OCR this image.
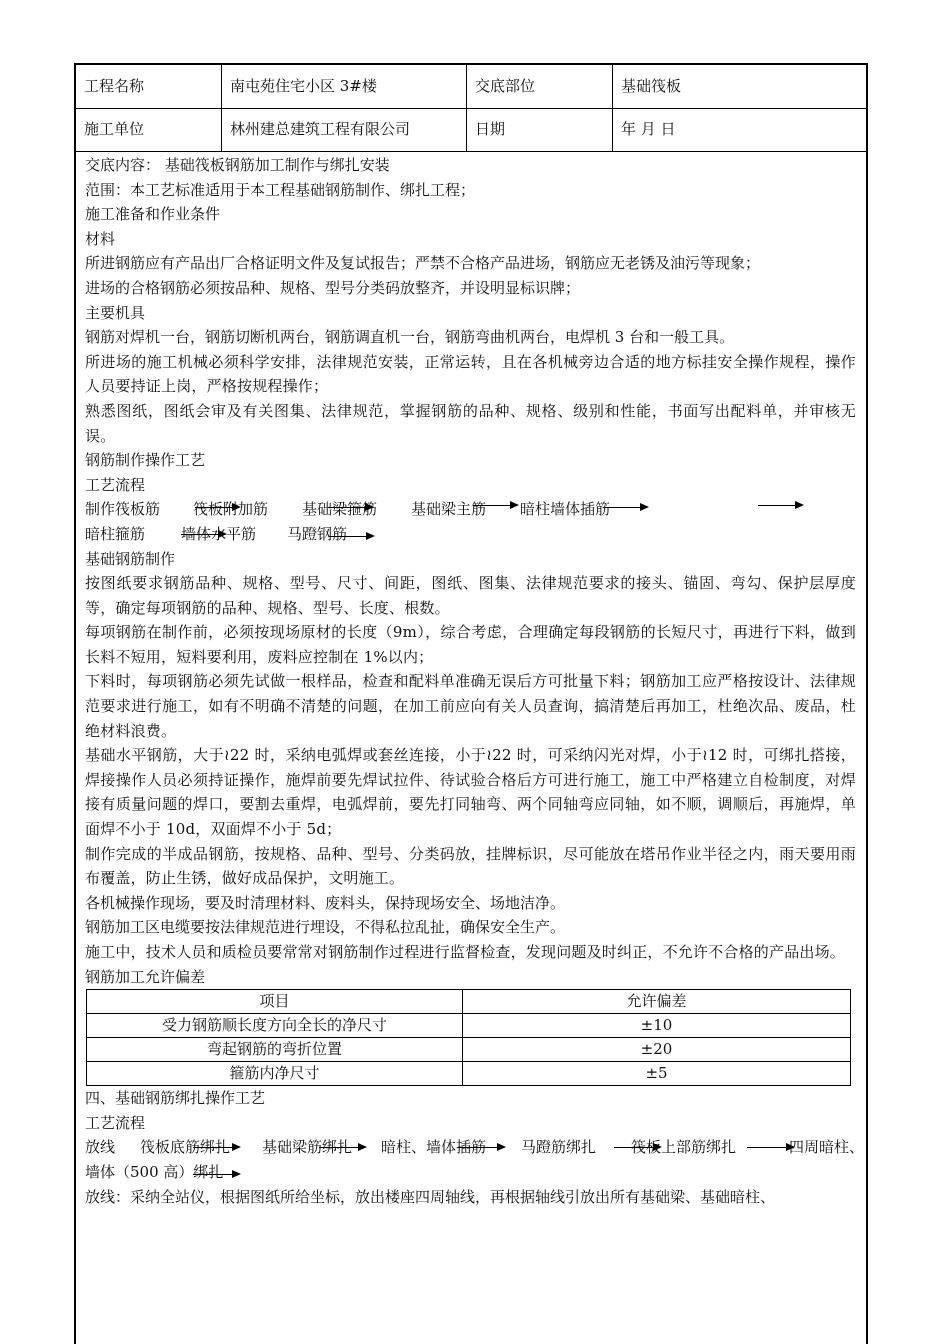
工程名称	南屯苑住宅小区 3#楼	交底部位	基础筏板
施工单位	林州建总建筑工程有限公司	日期	年 月 日
交底内容： 基础筏板钢筋加工制作与绑扎安装
范围：本工艺标准适用于本工程基础钢筋制作、绑扎工程；
施工准备和作业条件
材料
所进钢筋应有产品出厂合格证明文件及复试报告；严禁不合格产品进场，钢筋应无老锈及油污等现象；
进场的合格钢筋必须按品种、规格、型号分类码放整齐，并设明显标识牌；
主要机具
钢筋对焊机一台，钢筋切断机两台，钢筋调直机一台，钢筋弯曲机两台，电焊机 3 台和一般工具。
所进场的施工机械必须科学安排，法律规范安装，正常运转，且在各机械旁边合适的地方标挂安全操作规程，操作人员要持证上岗，严格按规程操作；
熟悉图纸，图纸会审及有关图集、法律规范，掌握钢筋的品种、规格、级别和性能，书面写出配料单，并审核无误。
钢筋制作操作工艺
工艺流程
制作筏板筋 筏板附加筋 基础梁箍筋 基础梁主筋 暗柱墙体插筋
暗柱箍筋 墙体水平筋 马蹬钢筋
基础钢筋制作
按图纸要求钢筋品种、规格、型号、尺寸、间距，图纸、图集、法律规范要求的接头、锚固、弯勾、保护层厚度等，确定每项钢筋的品种、规格、型号、长度、根数。
每项钢筋在制作前，必须按现场原材的长度（9m），综合考虑，合理确定每段钢筋的长短尺寸，再进行下料，做到长料不短用，短料要利用，废料应控制在 1%以内；
下料时，每项钢筋必须先试做一根样品，检查和配料单准确无误后方可批量下料；钢筋加工应严格按设计、法律规范要求进行施工，如有不明确不清楚的问题，在加工前应向有关人员查询，搞清楚后再加工，杜绝次品、废品，杜绝材料浪费。
基础水平钢筋，大于≀22 时，采纳电弧焊或套丝连接，小于≀22 时，可采纳闪光对焊，小于≀12 时，可绑扎搭接，焊接操作人员必须持证操作，施焊前要先焊试拉件、待试验合格后方可进行施工，施工中严格建立自检制度，对焊接有质量问题的焊口，要割去重焊，电弧焊前，要先打同轴弯、两个同轴弯应同轴，如不顺，调顺后，再施焊，单面焊不小于 10d，双面焊不小于 5d；
制作完成的半成品钢筋，按规格、品种、型号、分类码放，挂牌标识，尽可能放在塔吊作业半径之内，雨天要用雨布覆盖，防止生锈，做好成品保护，文明施工。
各机械操作现场，要及时清理材料、废料头，保持现场安全、场地洁净。
钢筋加工区电缆要按法律规范进行埋设，不得私拉乱扯，确保安全生产。
施工中，技术人员和质检员要常常对钢筋制作过程进行监督检查，发现问题及时纠正，不允许不合格的产品出场。
钢筋加工允许偏差
项目	允许偏差
受力钢筋顺长度方向全长的净尺寸	±10
弯起钢筋的弯折位置	±20
箍筋内净尺寸	±5
四、基础钢筋绑扎操作工艺
工艺流程
放线 筏板底筋绑扎 基础梁筋绑扎 暗柱、墙体插筋 马蹬筋绑扎 筏板上部筋绑扎	四周暗柱、
墙体（500 高）绑扎
放线：采纳全站仪，根据图纸所给坐标，放出楼座四周轴线，再根据轴线引放出所有基础梁、基础暗柱、
